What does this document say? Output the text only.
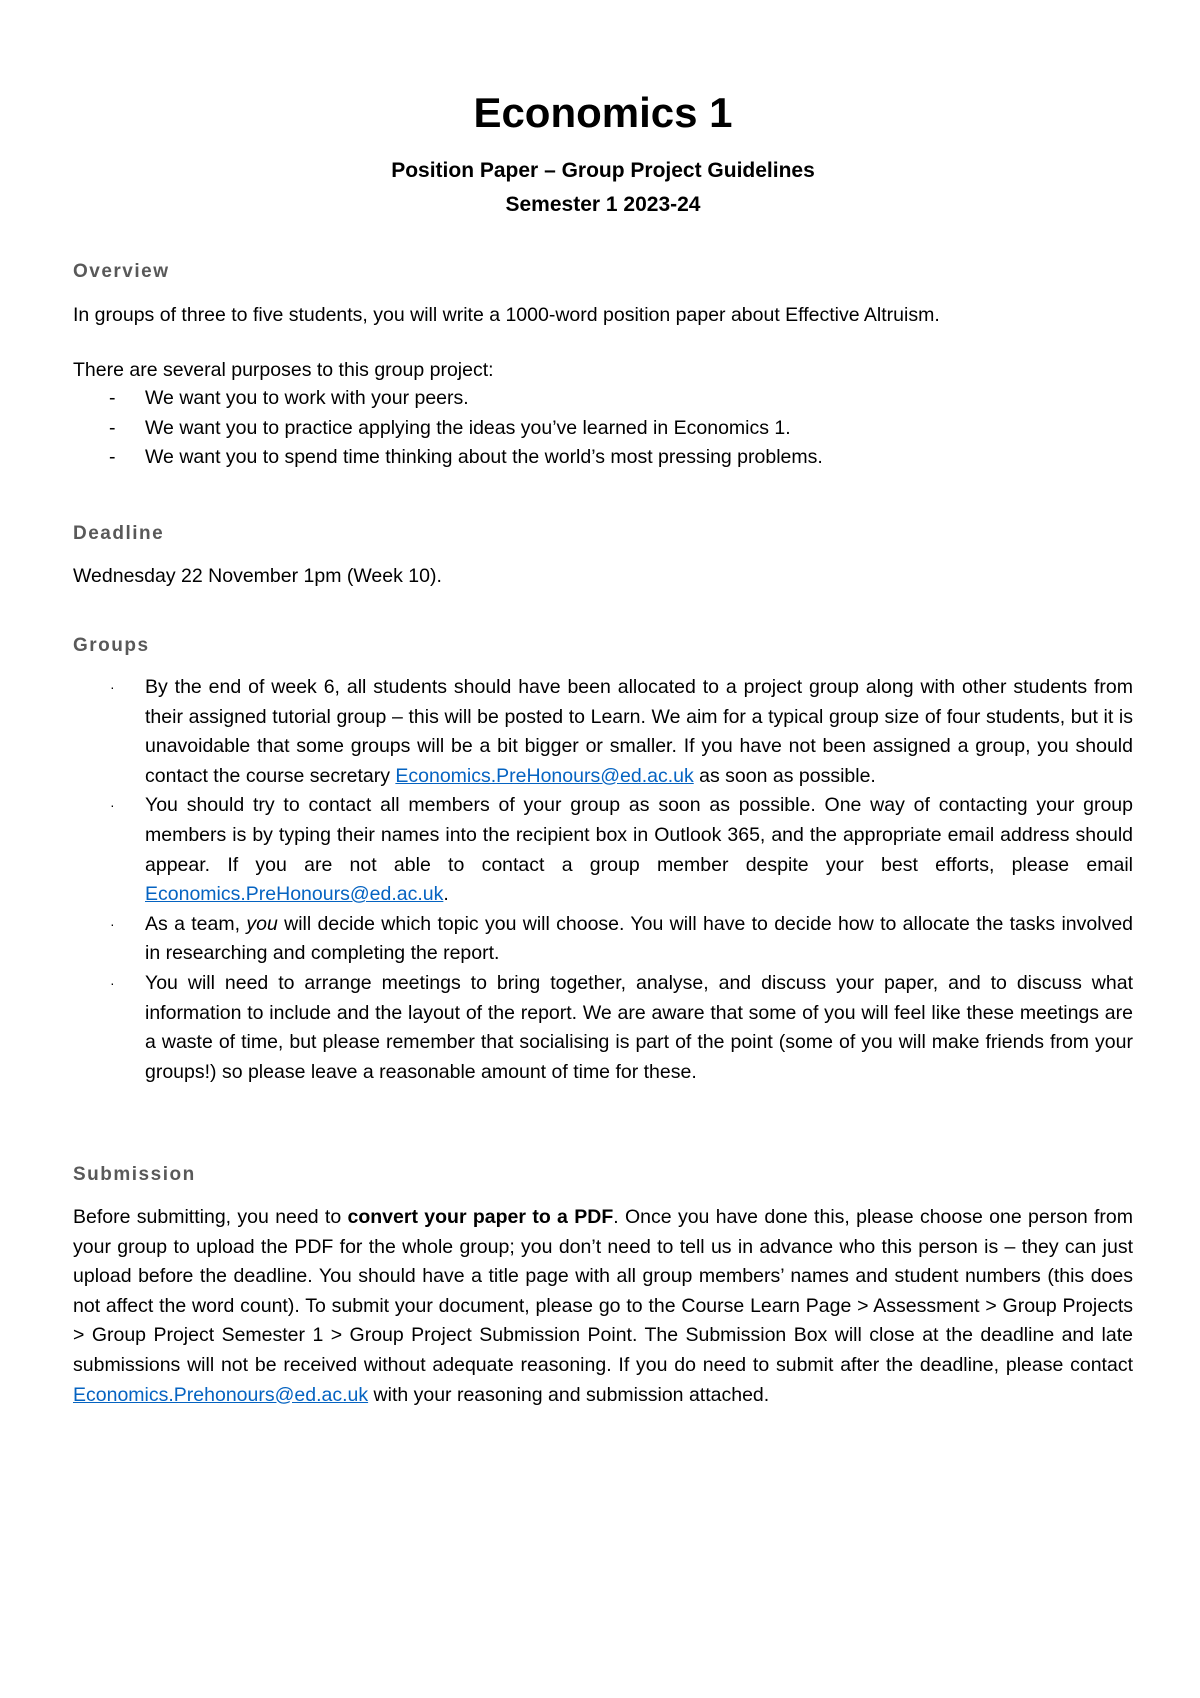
Economics 1
Position Paper – Group Project Guidelines
Semester 1 2023-24
Overview
In groups of three to five students, you will write a 1000-word position paper about Effective Altruism.
There are several purposes to this group project:
- We want you to work with your peers.
- We want you to practice applying the ideas you’ve learned in Economics 1.
- We want you to spend time thinking about the world’s most pressing problems.
Deadline
Wednesday 22 November 1pm (Week 10).
Groups
· By the end of week 6, all students should have been allocated to a project group along with other students from their assigned tutorial group – this will be posted to Learn. We aim for a typical group size of four students, but it is unavoidable that some groups will be a bit bigger or smaller. If you have not been assigned a group, you should contact the course secretary Economics.PreHonours@ed.ac.uk as soon as possible.
· You should try to contact all members of your group as soon as possible. One way of contacting your group members is by typing their names into the recipient box in Outlook 365, and the appropriate email address should appear. If you are not able to contact a group member despite your best efforts, please email Economics.PreHonours@ed.ac.uk.
· As a team, you will decide which topic you will choose. You will have to decide how to allocate the tasks involved in researching and completing the report.
· You will need to arrange meetings to bring together, analyse, and discuss your paper, and to discuss what information to include and the layout of the report. We are aware that some of you will feel like these meetings are a waste of time, but please remember that socialising is part of the point (some of you will make friends from your groups!) so please leave a reasonable amount of time for these.
Submission
Before submitting, you need to convert your paper to a PDF. Once you have done this, please choose one person from your group to upload the PDF for the whole group; you don’t need to tell us in advance who this person is – they can just upload before the deadline. You should have a title page with all group members’ names and student numbers (this does not affect the word count). To submit your document, please go to the Course Learn Page > Assessment > Group Projects > Group Project Semester 1 > Group Project Submission Point. The Submission Box will close at the deadline and late submissions will not be received without adequate reasoning. If you do need to submit after the deadline, please contact Economics.Prehonours@ed.ac.uk with your reasoning and submission attached.
